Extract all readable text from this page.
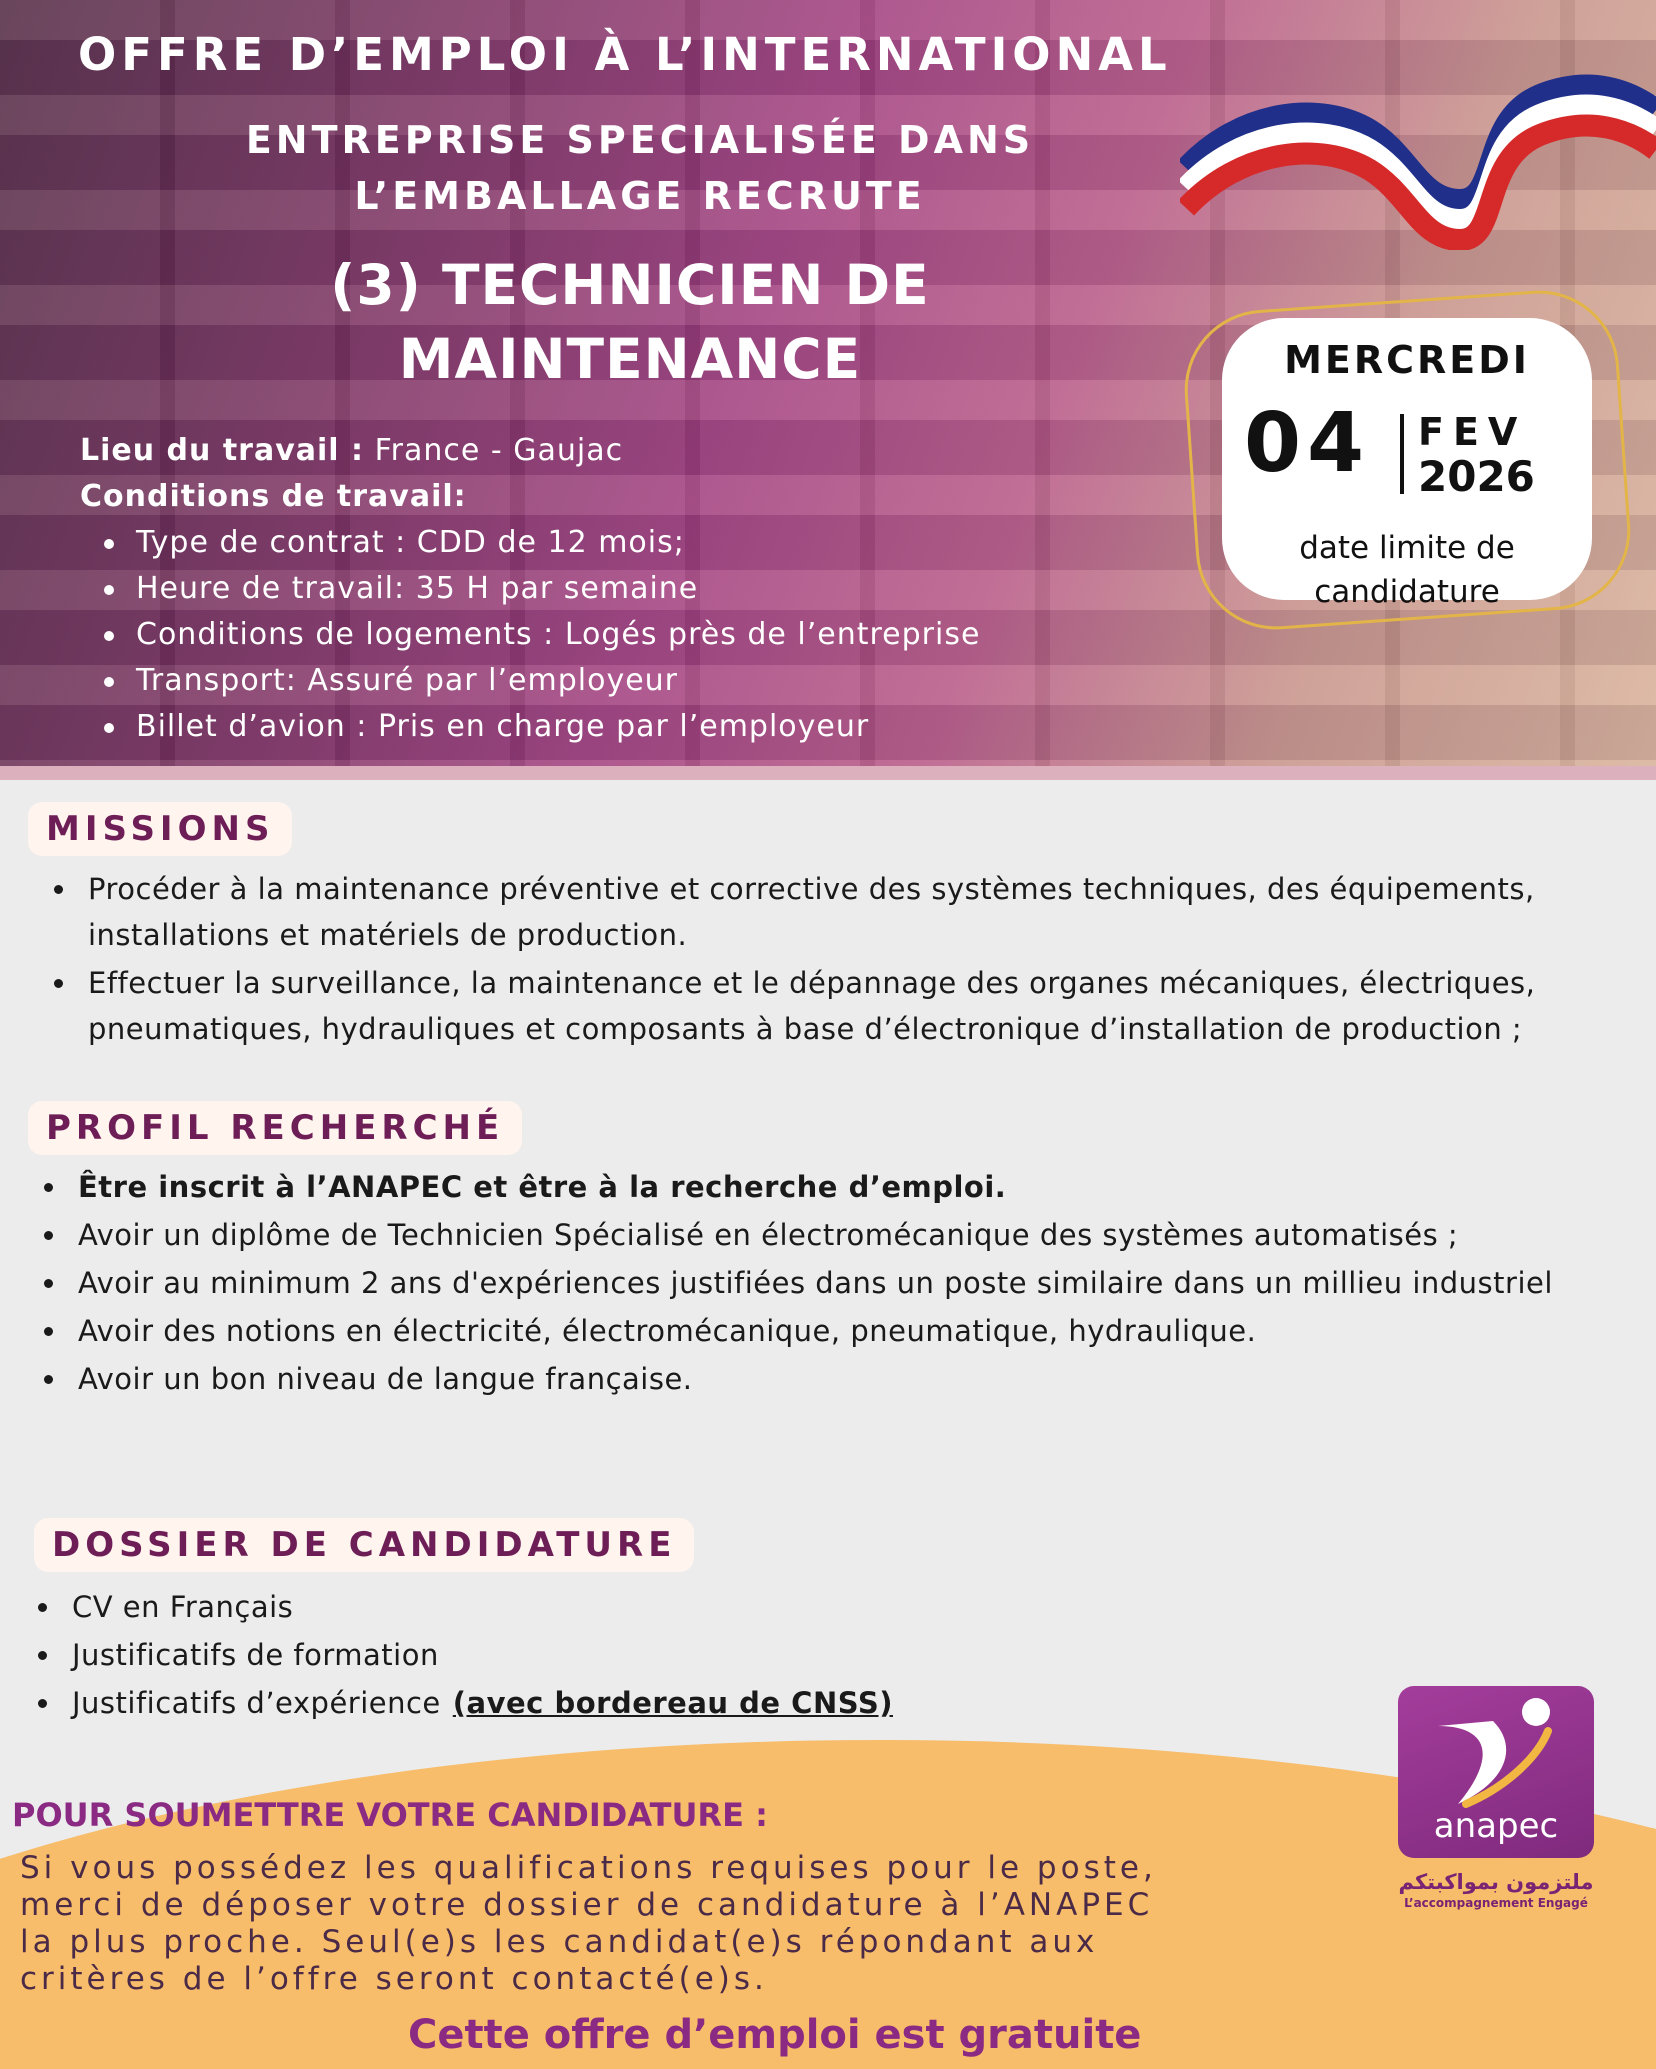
OFFRE D’EMPLOI À L’INTERNATIONAL
ENTREPRISE SPECIALISÉE DANS
L’EMBALLAGE RECRUTE
(3) TECHNICIEN DE
MAINTENANCE
Lieu du travail : France - Gaujac
Conditions de travail:
Type de contrat : CDD de 12 mois;
Heure de travail: 35 H par semaine
Conditions de logements : Logés près de l’entreprise
Transport: Assuré par l’employeur
Billet d’avion : Pris en charge par l’employeur
MERCREDI
04 FEV
2026
date limite de
candidature
MISSIONS
Procéder à la maintenance préventive et corrective des systèmes techniques, des équipements, installations et matériels de production.
Effectuer la surveillance, la maintenance et le dépannage des organes mécaniques, électriques, pneumatiques, hydrauliques et composants à base d’électronique d’installation de production ;
PROFIL RECHERCHÉ
Être inscrit à l’ANAPEC et être à la recherche d’emploi.
Avoir un diplôme de Technicien Spécialisé en électromécanique des systèmes automatisés ;
Avoir au minimum 2 ans d'expériences justifiées dans un poste similaire dans un millieu industriel
Avoir des notions en électricité, électromécanique, pneumatique, hydraulique.
Avoir un bon niveau de langue française.
DOSSIER DE CANDIDATURE
CV en Français
Justificatifs de formation
Justificatifs d’expérience (avec bordereau de CNSS)
POUR SOUMETTRE VOTRE CANDIDATURE :

Si vous possédez les qualifications requises pour le poste,
merci de déposer votre dossier de candidature à l’ANAPEC
la plus proche. Seul(e)s les candidat(e)s répondant aux
critères de l’offre seront contacté(e)s.

Cette offre d’emploi est gratuite

anapec
ملتزمون بمواكبتكم
L’accompagnement Engagé
